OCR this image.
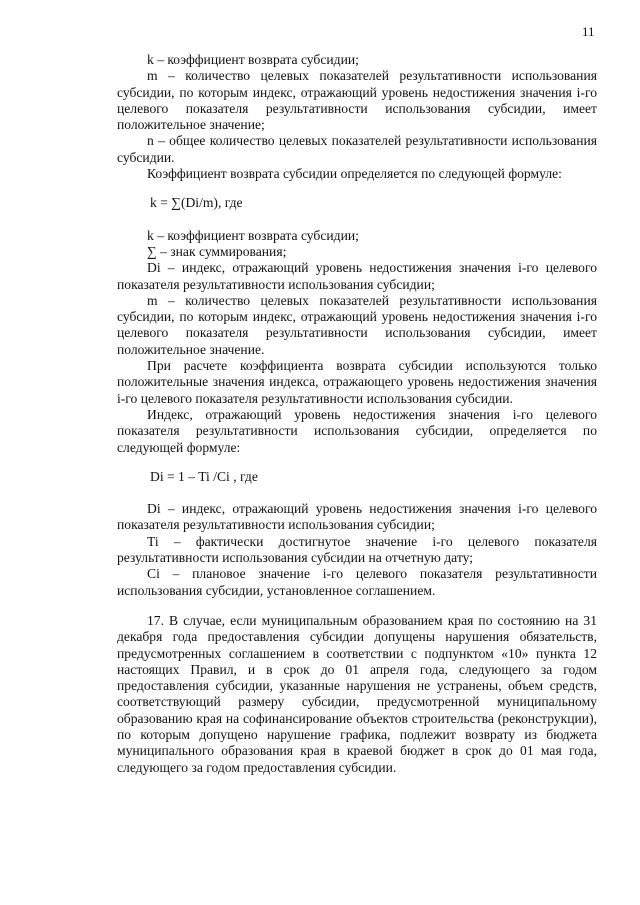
11

k – коэффициент возврата субсидии;

m – количество целевых показателей результативности использования субсидии, по которым индекс, отражающий уровень недостижения значения i-го целевого показателя результативности использования субсидии, имеет положительное значение;

n – общее количество целевых показателей результативности использования субсидии.

Коэффициент возврата субсидии определяется по следующей формуле:

k = ∑(Di/m), где

k – коэффициент возврата субсидии;

∑ – знак суммирования;

Di – индекс, отражающий уровень недостижения значения i-го целевого показателя результативности использования субсидии;

m – количество целевых показателей результативности использования субсидии, по которым индекс, отражающий уровень недостижения значения i-го целевого показателя результативности использования субсидии, имеет положительное значение.

При расчете коэффициента возврата субсидии используются только положительные значения индекса, отражающего уровень недостижения значения i-го целевого показателя результативности использования субсидии.

Индекс, отражающий уровень недостижения значения i-го целевого показателя результативности использования субсидии, определяется по следующей формуле:

Di = 1 – Ti /Ci , где

Di – индекс, отражающий уровень недостижения значения i-го целевого показателя результативности использования субсидии;

Ti – фактически достигнутое значение i-го целевого показателя результативности использования субсидии на отчетную дату;

Ci – плановое значение i-го целевого показателя результативности использования субсидии, установленное соглашением.

17. В случае, если муниципальным образованием края по состоянию на 31 декабря года предоставления субсидии допущены нарушения обязательств, предусмотренных соглашением в соответствии с подпунктом «10» пункта 12 настоящих Правил, и в срок до 01 апреля года, следующего за годом предоставления субсидии, указанные нарушения не устранены, объем средств, соответствующий размеру субсидии, предусмотренной муниципальному образованию края на софинансирование объектов строительства (реконструкции), по которым допущено нарушение графика, подлежит возврату из бюджета муниципального образования края в краевой бюджет в срок до 01 мая года, следующего за годом предоставления субсидии.
